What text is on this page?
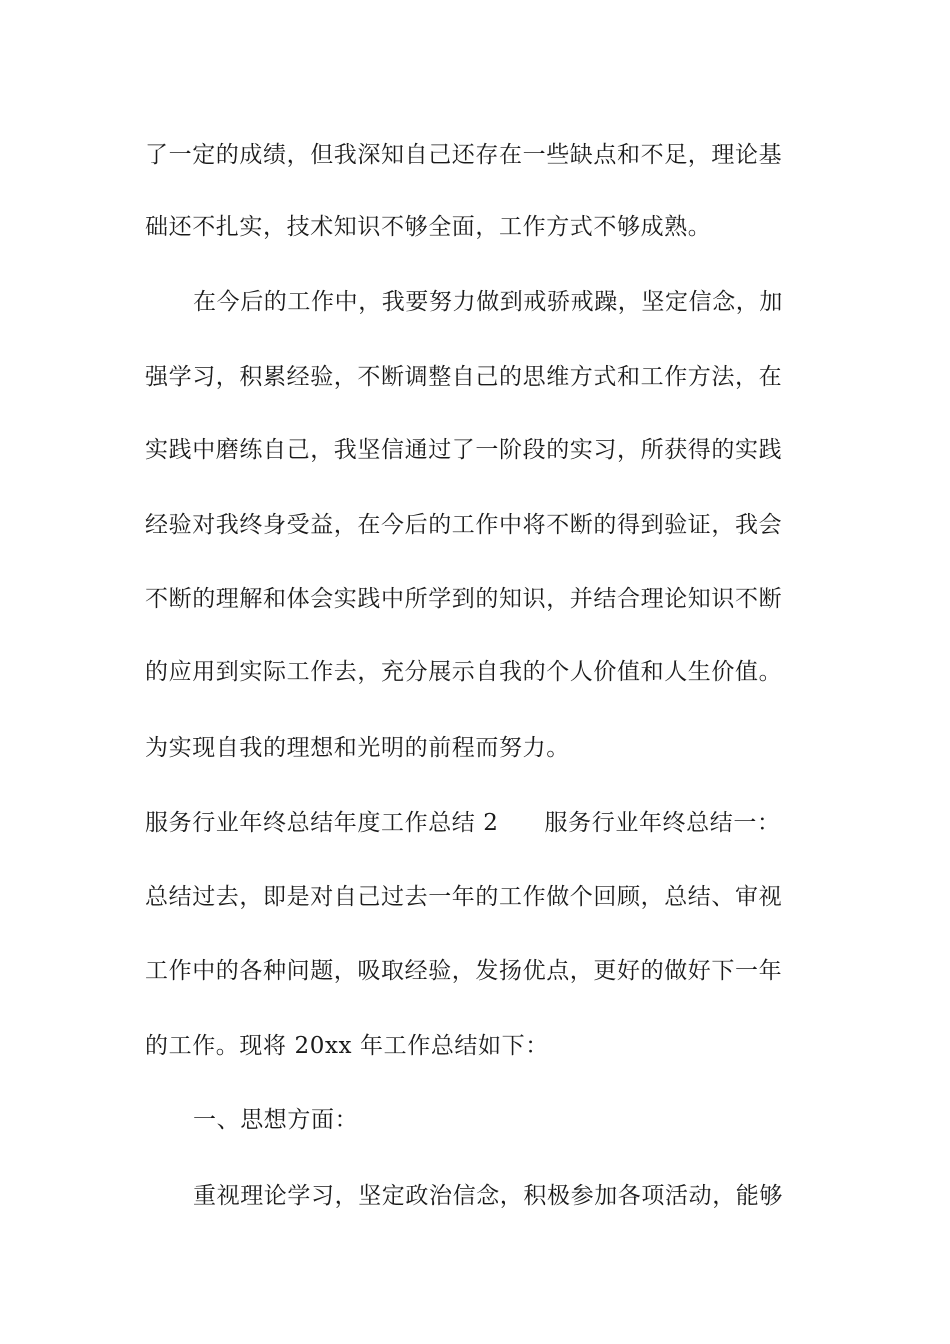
了一定的成绩，但我深知自己还存在一些缺点和不足，理论基
础还不扎实，技术知识不够全面，工作方式不够成熟。
在今后的工作中，我要努力做到戒骄戒躁，坚定信念，加
强学习，积累经验，不断调整自己的思维方式和工作方法，在
实践中磨练自己，我坚信通过了一阶段的实习，所获得的实践
经验对我终身受益，在今后的工作中将不断的得到验证，我会
不断的理解和体会实践中所学到的知识，并结合理论知识不断
的应用到实际工作去，充分展示自我的个人价值和人生价值。
为实现自我的理想和光明的前程而努力。
服务行业年终总结年度工作总结 2 服务行业年终总结一：
总结过去，即是对自己过去一年的工作做个回顾，总结、审视
工作中的各种问题，吸取经验，发扬优点，更好的做好下一年
的工作。现将 20xx 年工作总结如下：
一、思想方面：
重视理论学习，坚定政治信念，积极参加各项活动，能够
